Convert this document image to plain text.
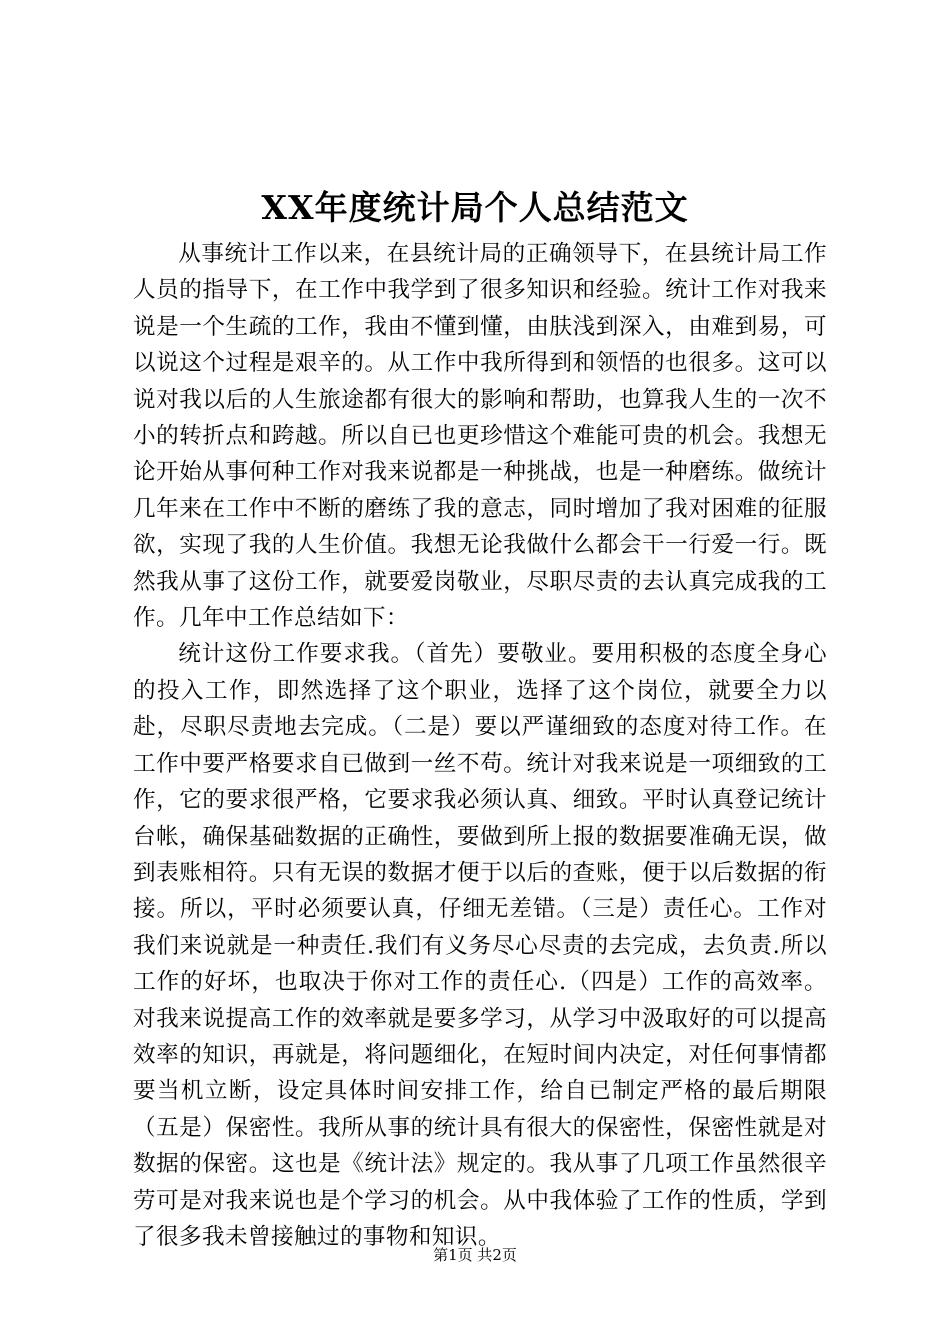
XX年度统计局个人总结范文

从事统计工作以来，在县统计局的正确领导下，在县统计局工作人员的指导下，在工作中我学到了很多知识和经验。统计工作对我来说是一个生疏的工作，我由不懂到懂，由肤浅到深入，由难到易，可以说这个过程是艰辛的。从工作中我所得到和领悟的也很多。这可以说对我以后的人生旅途都有很大的影响和帮助，也算我人生的一次不小的转折点和跨越。所以自已也更珍惜这个难能可贵的机会。我想无论开始从事何种工作对我来说都是一种挑战，也是一种磨练。做统计几年来在工作中不断的磨练了我的意志，同时增加了我对困难的征服欲，实现了我的人生价值。我想无论我做什么都会干一行爱一行。既然我从事了这份工作，就要爱岗敬业，尽职尽责的去认真完成我的工作。几年中工作总结如下：

统计这份工作要求我。（首先）要敬业。要用积极的态度全身心的投入工作，即然选择了这个职业，选择了这个岗位，就要全力以赴，尽职尽责地去完成。（二是）要以严谨细致的态度对待工作。在工作中要严格要求自已做到一丝不苟。统计对我来说是一项细致的工作，它的要求很严格，它要求我必须认真、细致。平时认真登记统计台帐，确保基础数据的正确性，要做到所上报的数据要准确无误，做到表账相符。只有无误的数据才便于以后的查账，便于以后数据的衔接。所以，平时必须要认真，仔细无差错。（三是）责任心。工作对我们来说就是一种责任.我们有义务尽心尽责的去完成，去负责.所以工作的好坏，也取决于你对工作的责任心.（四是）工作的高效率。对我来说提高工作的效率就是要多学习，从学习中汲取好的可以提高效率的知识，再就是，将问题细化，在短时间内决定，对任何事情都要当机立断，设定具体时间安排工作，给自已制定严格的最后期限（五是）保密性。我所从事的统计具有很大的保密性，保密性就是对数据的保密。这也是《统计法》规定的。我从事了几项工作虽然很辛劳可是对我来说也是个学习的机会。从中我体验了工作的性质，学到了很多我未曾接触过的事物和知识。

第1页 共2页
